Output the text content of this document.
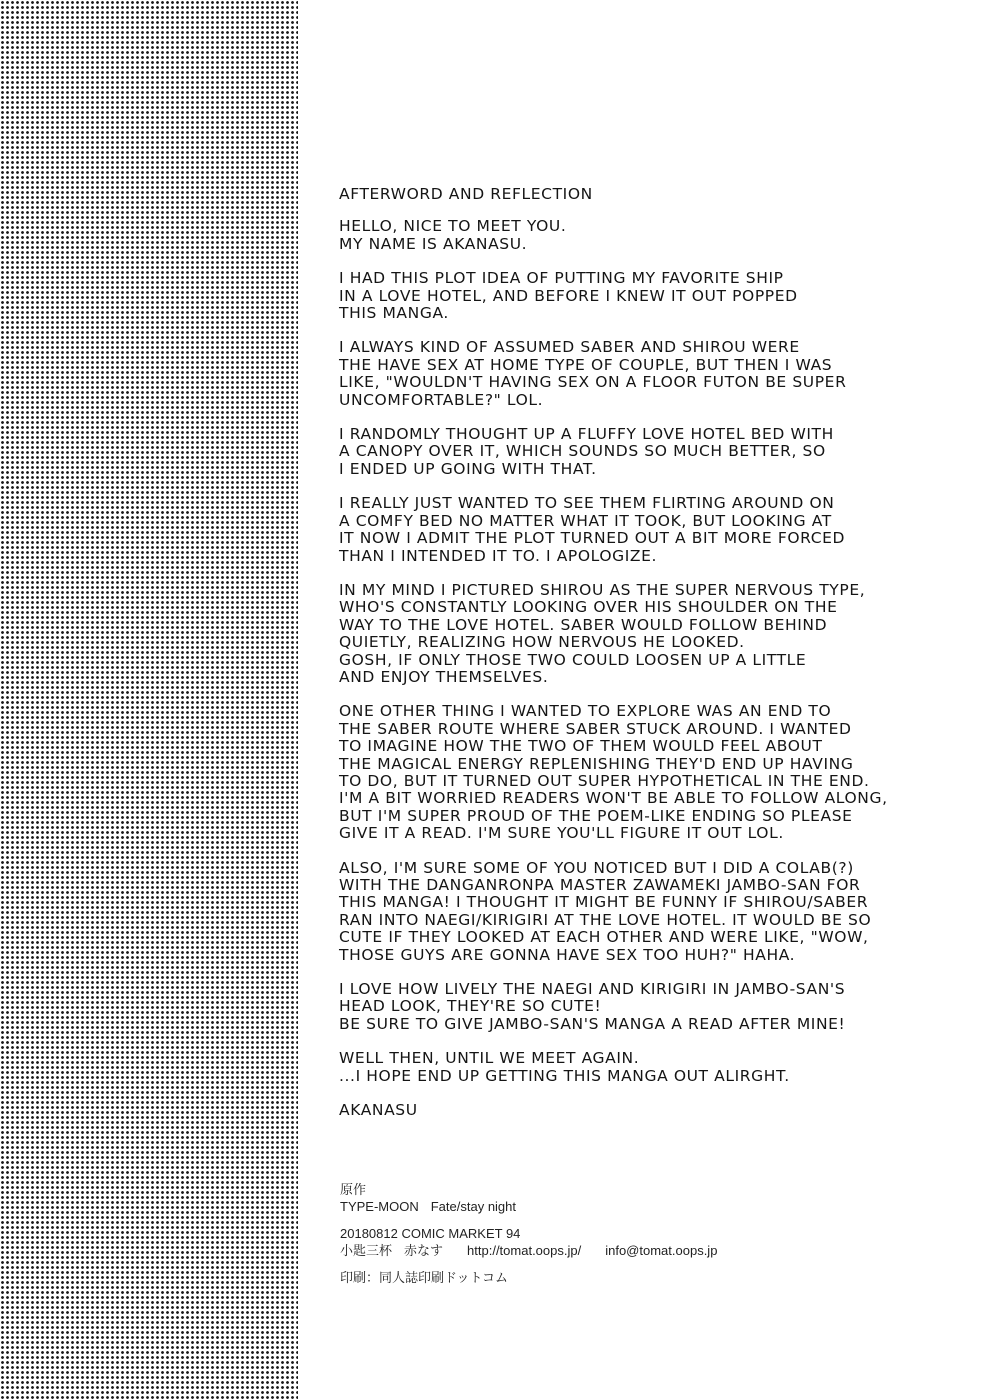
AFTERWORD AND REFLECTION
HELLO, NICE TO MEET YOU.
MY NAME IS AKANASU.
I HAD THIS PLOT IDEA OF PUTTING MY FAVORITE SHIP
IN A LOVE HOTEL, AND BEFORE I KNEW IT OUT POPPED
THIS MANGA.
I ALWAYS KIND OF ASSUMED SABER AND SHIROU WERE
THE HAVE SEX AT HOME TYPE OF COUPLE, BUT THEN I WAS
LIKE, "WOULDN'T HAVING SEX ON A FLOOR FUTON BE SUPER
UNCOMFORTABLE?" LOL.
I RANDOMLY THOUGHT UP A FLUFFY LOVE HOTEL BED WITH
A CANOPY OVER IT, WHICH SOUNDS SO MUCH BETTER, SO
I ENDED UP GOING WITH THAT.
I REALLY JUST WANTED TO SEE THEM FLIRTING AROUND ON
A COMFY BED NO MATTER WHAT IT TOOK, BUT LOOKING AT
IT NOW I ADMIT THE PLOT TURNED OUT A BIT MORE FORCED
THAN I INTENDED IT TO. I APOLOGIZE.
IN MY MIND I PICTURED SHIROU AS THE SUPER NERVOUS TYPE,
WHO'S CONSTANTLY LOOKING OVER HIS SHOULDER ON THE
WAY TO THE LOVE HOTEL. SABER WOULD FOLLOW BEHIND
QUIETLY, REALIZING HOW NERVOUS HE LOOKED.
GOSH, IF ONLY THOSE TWO COULD LOOSEN UP A LITTLE
AND ENJOY THEMSELVES.
ONE OTHER THING I WANTED TO EXPLORE WAS AN END TO
THE SABER ROUTE WHERE SABER STUCK AROUND. I WANTED
TO IMAGINE HOW THE TWO OF THEM WOULD FEEL ABOUT
THE MAGICAL ENERGY REPLENISHING THEY'D END UP HAVING
TO DO, BUT IT TURNED OUT SUPER HYPOTHETICAL IN THE END.
I'M A BIT WORRIED READERS WON'T BE ABLE TO FOLLOW ALONG,
BUT I'M SUPER PROUD OF THE POEM-LIKE ENDING SO PLEASE
GIVE IT A READ. I'M SURE YOU'LL FIGURE IT OUT LOL.
ALSO, I'M SURE SOME OF YOU NOTICED BUT I DID A COLAB(?)
WITH THE DANGANRONPA MASTER ZAWAMEKI JAMBO-SAN FOR
THIS MANGA! I THOUGHT IT MIGHT BE FUNNY IF SHIROU/SABER
RAN INTO NAEGI/KIRIGIRI AT THE LOVE HOTEL. IT WOULD BE SO
CUTE IF THEY LOOKED AT EACH OTHER AND WERE LIKE, "WOW,
THOSE GUYS ARE GONNA HAVE SEX TOO HUH?" HAHA.
I LOVE HOW LIVELY THE NAEGI AND KIRIGIRI IN JAMBO-SAN'S
HEAD LOOK, THEY'RE SO CUTE!
BE SURE TO GIVE JAMBO-SAN'S MANGA A READ AFTER MINE!
WELL THEN, UNTIL WE MEET AGAIN.
...I HOPE END UP GETTING THIS MANGA OUT ALIRGHT.
AKANASU
原作
TYPE-MOON Fate/stay night
20180812 COMIC MARKET 94
小匙三杯 赤なす http://tomat.oops.jp/ info@tomat.oops.jp
印刷：同人誌印刷ドットコム
